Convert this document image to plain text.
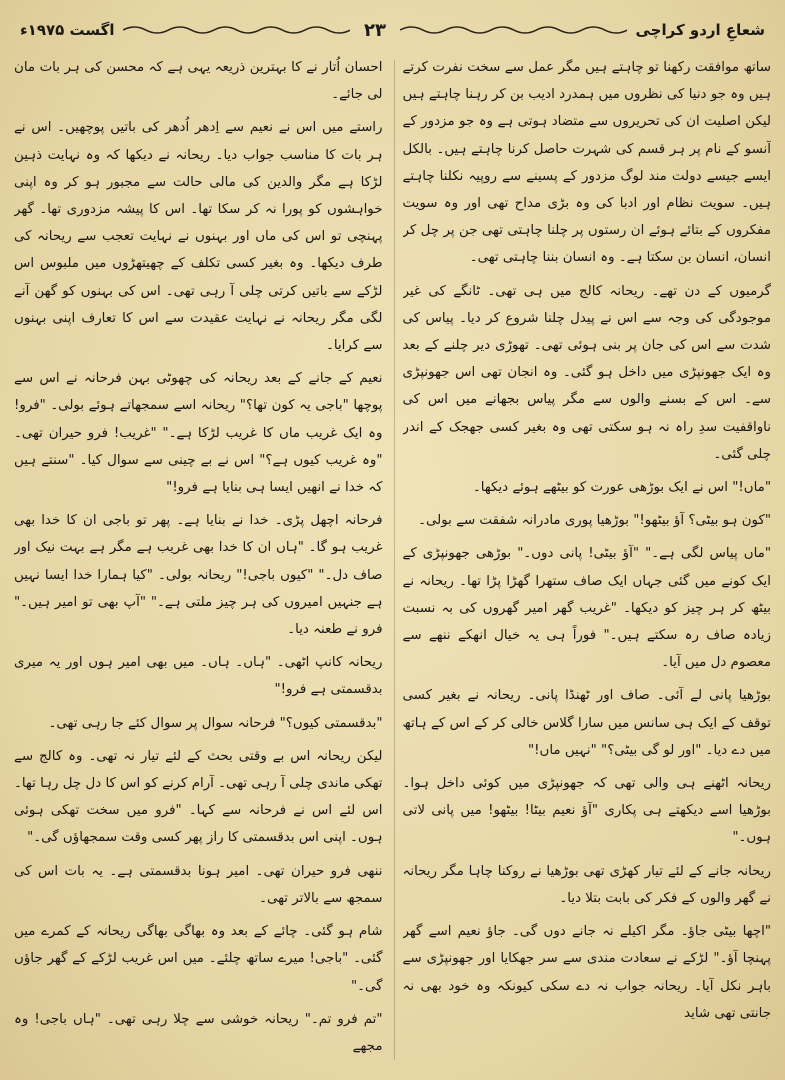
اگست ۱۹۷۵ء	۲۳	شعاعِ اردو کراچی

احسان اُتار نے کا بہترین ذریعہ یہی ہے کہ محسن کی ہر بات مان لی جائے۔

راستے میں اس نے نعیم سے اِدھر اُدھر کی باتیں پوچھیں۔ اس نے ہر بات کا مناسب جواب دیا۔ ریحانہ نے دیکھا کہ وہ نہایت ذہین لڑکا ہے مگر والدین کی مالی حالت سے مجبور ہو کر وہ اپنی خواہشوں کو پورا نہ کر سکا تھا۔ اس کا پیشہ مزدوری تھا۔ گھر پہنچی تو اس کی ماں اور بہنوں نے نہایت تعجب سے ریحانہ کی طرف دیکھا۔ وہ بغیر کسی تکلف کے چھیتھڑوں میں ملبوس اس لڑکے سے باتیں کرتی چلی آ رہی تھی۔ اس کی بہنوں کو گھن آنے لگی مگر ریحانہ نے نہایت عقیدت سے اس کا تعارف اپنی بہنوں سے کرایا۔

نعیم کے جانے کے بعد ریحانہ کی چھوٹی بہن فرحانہ نے اس سے پوچھا "باجی یہ کون تھا؟" ریحانہ اسے سمجھاتے ہوئے بولی۔ "فرو! وہ ایک غریب ماں کا غریب لڑکا ہے۔" "غریب! فرو حیران تھی۔ "وہ غریب کیوں ہے؟" اس نے بے چینی سے سوال کیا۔ "سنتے ہیں کہ خدا نے انھیں ایسا ہی بنایا ہے فرو!"

فرحانہ اچھل پڑی۔ خدا نے بنایا ہے۔ پھر تو باجی ان کا خدا بھی غریب ہو گا۔ "ہاں ان کا خدا بھی غریب ہے مگر ہے بہت نیک اور صاف دل۔" "کیوں باجی!" ریحانہ بولی۔ "کیا ہمارا خدا ایسا نہیں ہے جنہیں امیروں کی ہر چیز ملتی ہے۔" "آپ بھی تو امیر ہیں۔" فرو نے طعنہ دیا۔

ریحانہ کانپ اٹھی۔ "ہاں۔ ہاں۔ میں بھی امیر ہوں اور یہ میری بدقسمتی ہے فرو!"

"بدقسمتی کیوں؟" فرحانہ سوال پر سوال کئے جا رہی تھی۔

لیکن ریحانہ اس بے وقتی بحث کے لئے تیار نہ تھی۔ وہ کالج سے تھکی ماندی چلی آ رہی تھی۔ آرام کرنے کو اس کا دل چل رہا تھا۔ اس لئے اس نے فرحانہ سے کہا۔ "فرو میں سخت تھکی ہوئی ہوں۔ اپنی اس بدقسمتی کا راز پھر کسی وقت سمجھاؤں گی۔"

ننھی فرو حیران تھی۔ امیر ہونا بدقسمتی ہے۔ یہ بات اس کی سمجھ سے بالاتر تھی۔

شام ہو گئی۔ چائے کے بعد وہ بھاگی بھاگی ریحانہ کے کمرے میں گئی۔ "باجی! میرے ساتھ چلئے۔ میں اس غریب لڑکے کے گھر جاؤں گی۔"

"تم فرو تم۔" ریحانہ خوشی سے چلا رہی تھی۔ "ہاں باجی! وہ مجھے

ساتھ موافقت رکھنا تو چاہتے ہیں مگر عمل سے سخت نفرت کرتے ہیں وہ جو دنیا کی نظروں میں ہمدرد ادیب بن کر رہنا چاہتے ہیں لیکن اصلیت ان کی تحریروں سے متضاد ہوتی ہے وہ جو مزدور کے آنسو کے نام پر ہر قسم کی شہرت حاصل کرنا چاہتے ہیں۔ بالکل ایسے جیسے دولت مند لوگ مزدور کے پسینے سے روپیہ نکلنا چاہتے ہیں۔ سویت نظام اور ادبا کی وہ بڑی مداح تھی اور وہ سویت مفکروں کے بتائے ہوئے ان رستوں پر چلنا چاہتی تھی جن پر چل کر انسان، انسان بن سکتا ہے۔ وہ انسان بننا چاہتی تھی۔

گرمیوں کے دن تھے۔ ریحانہ کالج میں ہی تھی۔ ٹانگے کی غیر موجودگی کی وجہ سے اس نے پیدل چلنا شروع کر دیا۔ پیاس کی شدت سے اس کی جان پر بنی ہوئی تھی۔ تھوڑی دیر چلنے کے بعد وہ ایک جھونپڑی میں داخل ہو گئی۔ وہ انجان تھی اس جھونپڑی سے۔ اس کے بسنے والوں سے مگر پیاس بجھانے میں اس کی ناواقفیت سدِ راہ نہ ہو سکتی تھی وہ بغیر کسی جھجک کے اندر چلی گئی۔

"ماں!" اس نے ایک بوڑھی عورت کو بیٹھے ہوئے دیکھا۔

"کون ہو بیٹی؟ آؤ بیٹھو!" بوڑھیا پوری مادرانہ شفقت سے بولی۔

"ماں پیاس لگی ہے۔" "آؤ بیٹی! پانی دوں۔" بوڑھی جھونپڑی کے ایک کونے میں گئی جہاں ایک صاف ستھرا گھڑا پڑا تھا۔ ریحانہ نے بیٹھ کر ہر چیز کو دیکھا۔ "غریب گھر امیر گھروں کی بہ نسبت زیادہ صاف رہ سکتے ہیں۔" فوراً ہی یہ خیال انھکے ننھے سے معصوم دل میں آیا۔

بوڑھیا پانی لے آئی۔ صاف اور ٹھنڈا پانی۔ ریحانہ نے بغیر کسی توقف کے ایک ہی سانس میں سارا گلاس خالی کر کے اس کے ہاتھ میں دے دیا۔ "اور لو گی بیٹی؟" "نہیں ماں!"

ریحانہ اٹھنے ہی والی تھی کہ جھونپڑی میں کوئی داخل ہوا۔ بوڑھیا اسے دیکھتے ہی پکاری "آؤ نعیم بیٹا! بیٹھو! میں پانی لاتی ہوں۔"

ریحانہ جانے کے لئے تیار کھڑی تھی بوڑھیا نے روکنا چاہا مگر ریحانہ نے گھر والوں کے فکر کی بابت بتلا دیا۔

"اچھا بیٹی جاؤ۔ مگر اکیلے نہ جانے دوں گی۔ جاؤ نعیم اسے گھر پہنچا آؤ۔" لڑکے نے سعادت مندی سے سر جھکایا اور جھونپڑی سے باہر نکل آیا۔ ریحانہ جواب نہ دے سکی کیونکہ وہ خود بھی نہ جانتی تھی شاید
